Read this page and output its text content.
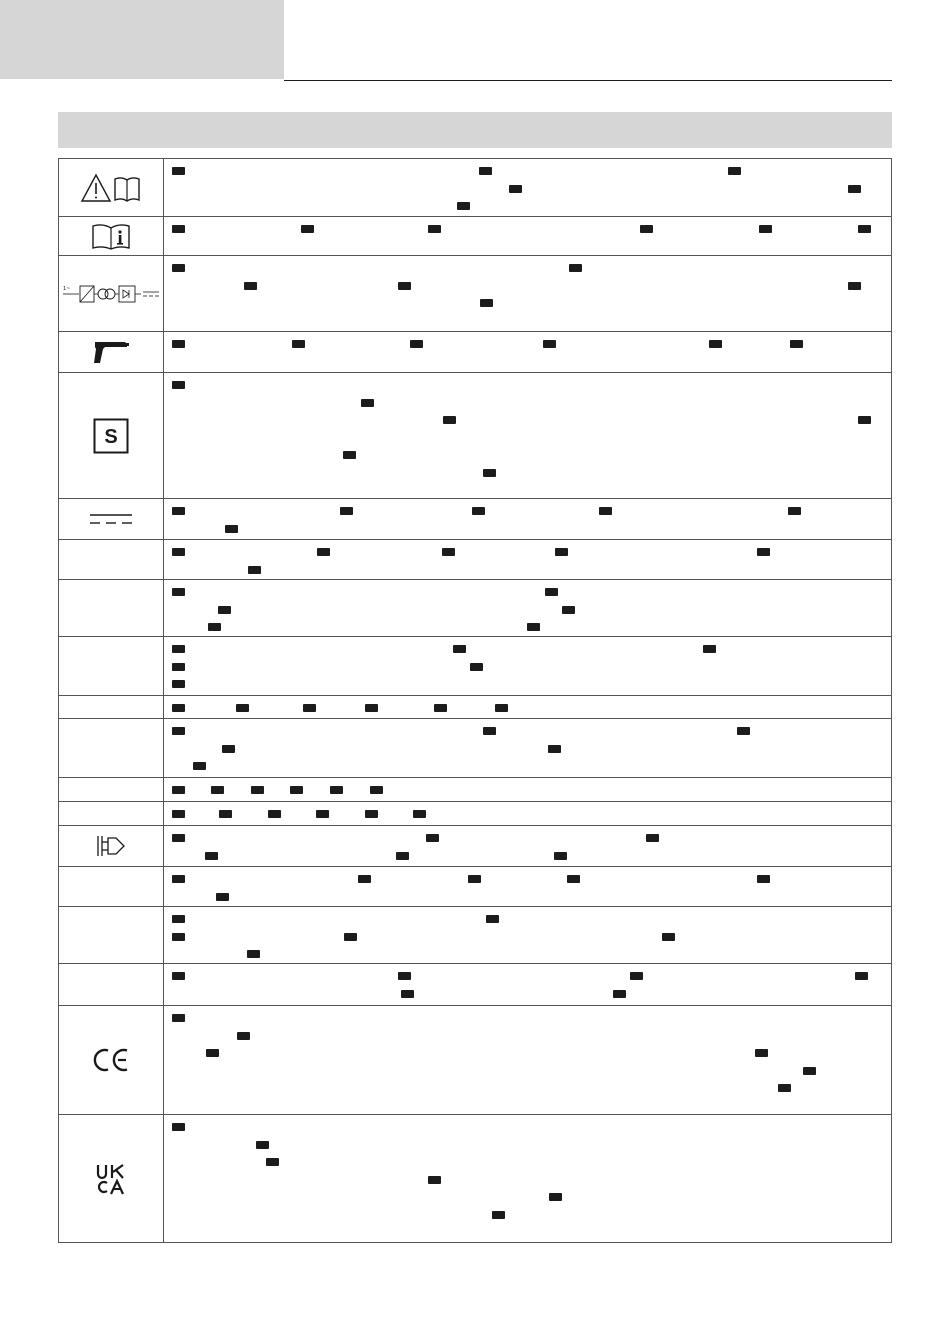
1~
S
